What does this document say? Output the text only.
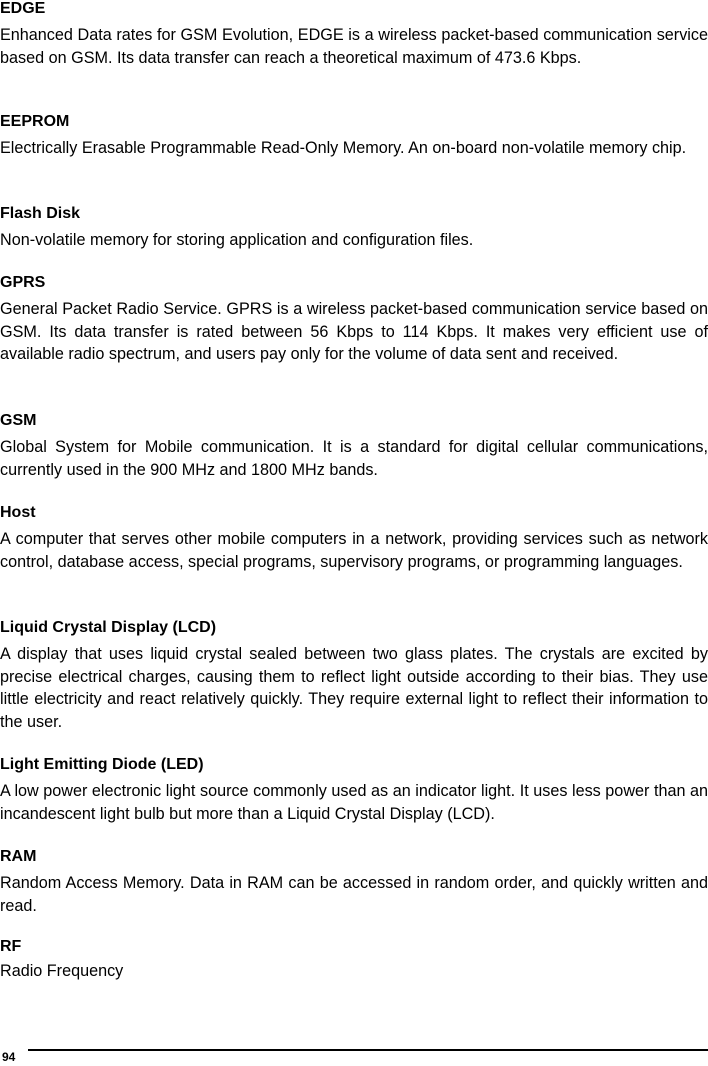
EDGE

Enhanced Data rates for GSM Evolution, EDGE is a wireless packet-based communication service based on GSM. Its data transfer can reach a theoretical maximum of 473.6 Kbps.

EEPROM

Electrically Erasable Programmable Read-Only Memory. An on-board non-volatile memory chip.

Flash Disk

Non-volatile memory for storing application and configuration files.

GPRS

General Packet Radio Service. GPRS is a wireless packet-based communication service based on GSM. Its data transfer is rated between 56 Kbps to 114 Kbps. It makes very efficient use of available radio spectrum, and users pay only for the volume of data sent and received.

GSM

Global System for Mobile communication. It is a standard for digital cellular communications, currently used in the 900 MHz and 1800 MHz bands.

Host

A computer that serves other mobile computers in a network, providing services such as network control, database access, special programs, supervisory programs, or programming languages.

Liquid Crystal Display (LCD)

A display that uses liquid crystal sealed between two glass plates. The crystals are excited by precise electrical charges, causing them to reflect light outside according to their bias. They use little electricity and react relatively quickly. They require external light to reflect their information to the user.

Light Emitting Diode (LED)

A low power electronic light source commonly used as an indicator light. It uses less power than an incandescent light bulb but more than a Liquid Crystal Display (LCD).

RAM

Random Access Memory. Data in RAM can be accessed in random order, and quickly written and read.

RF

Radio Frequency

94
